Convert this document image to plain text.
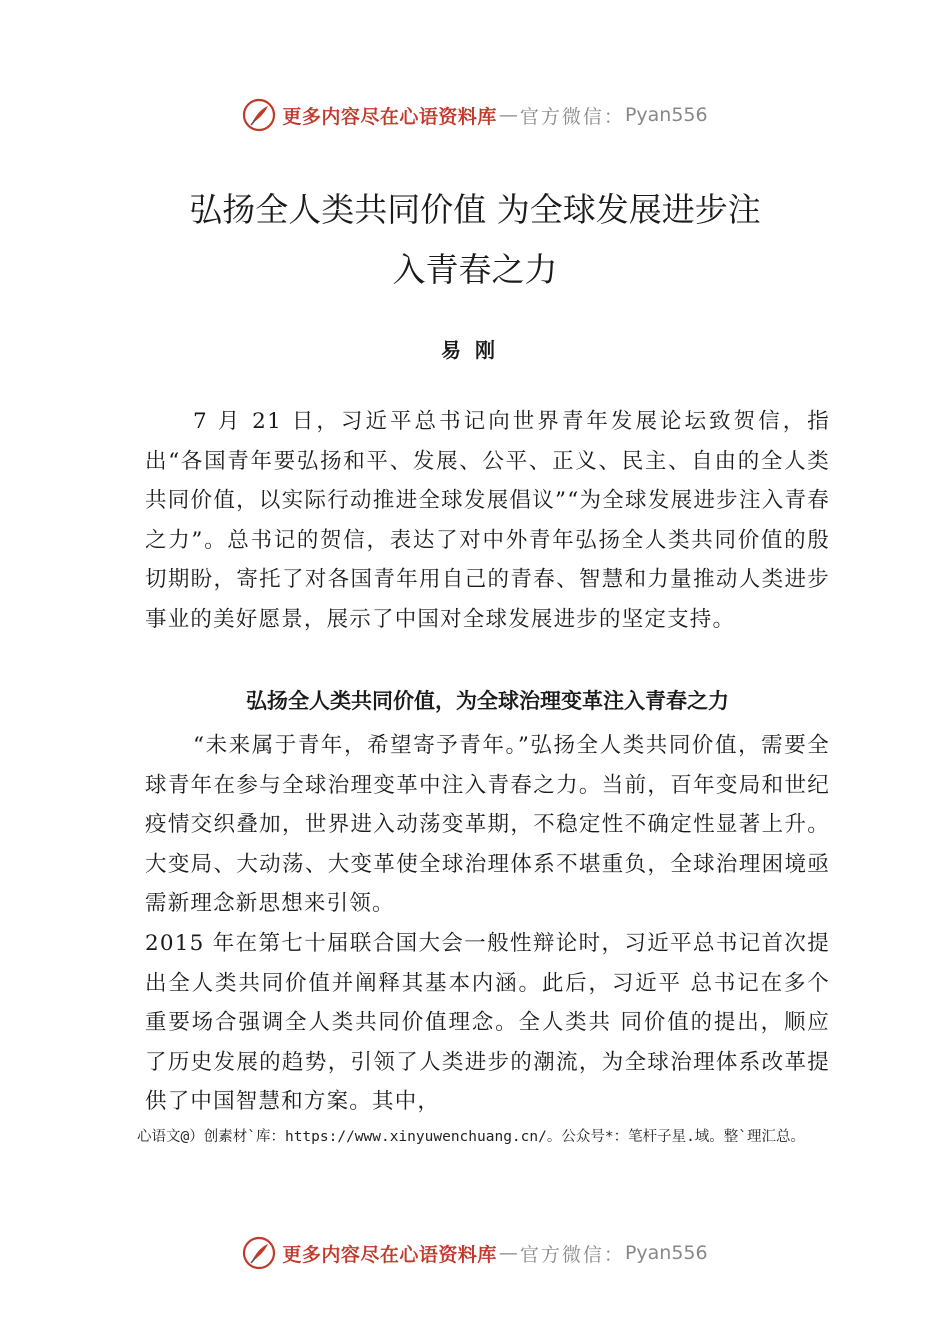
更多内容尽在心语资料库 — 官方微信： Pyan556
弘扬全人类共同价值 为全球发展进步注
入青春之力
易刚
7 月 21 日，习近平总书记向世界青年发展论坛致贺信，指出“各国青年要弘扬和平、发展、公平、正义、民主、自由的全人类共同价值，以实际行动推进全球发展倡议”“为全球发展进步注入青春之力”。总书记的贺信，表达了对中外青年弘扬全人类共同价值的殷切期盼，寄托了对各国青年用自己的青春、智慧和力量推动人类进步事业的美好愿景，展示了中国对全球发展进步的坚定支持。
弘扬全人类共同价值，为全球治理变革注入青春之力
“未来属于青年，希望寄予青年。”弘扬全人类共同价值，需要全球青年在参与全球治理变革中注入青春之力。当前，百年变局和世纪疫情交织叠加，世界进入动荡变革期，不稳定性不确定性显著上升。大变局、大动荡、大变革使全球治理体系不堪重负，全球治理困境亟需新理念新思想来引领。
2015 年在第七十届联合国大会一般性辩论时，习近平总书记首次提出全人类共同价值并阐释其基本内涵。此后，习近平 总书记在多个重要场合强调全人类共同价值理念。全人类共 同价值的提出，顺应了历史发展的趋势，引领了人类进步的潮流，为全球治理体系改革提供了中国智慧和方案。其中，
心语文@）创素材`库：https://www.xinyuwenchuang.cn/。公众号*：笔杆子星.域。整`理汇总。
更多内容尽在心语资料库 — 官方微信： Pyan556
